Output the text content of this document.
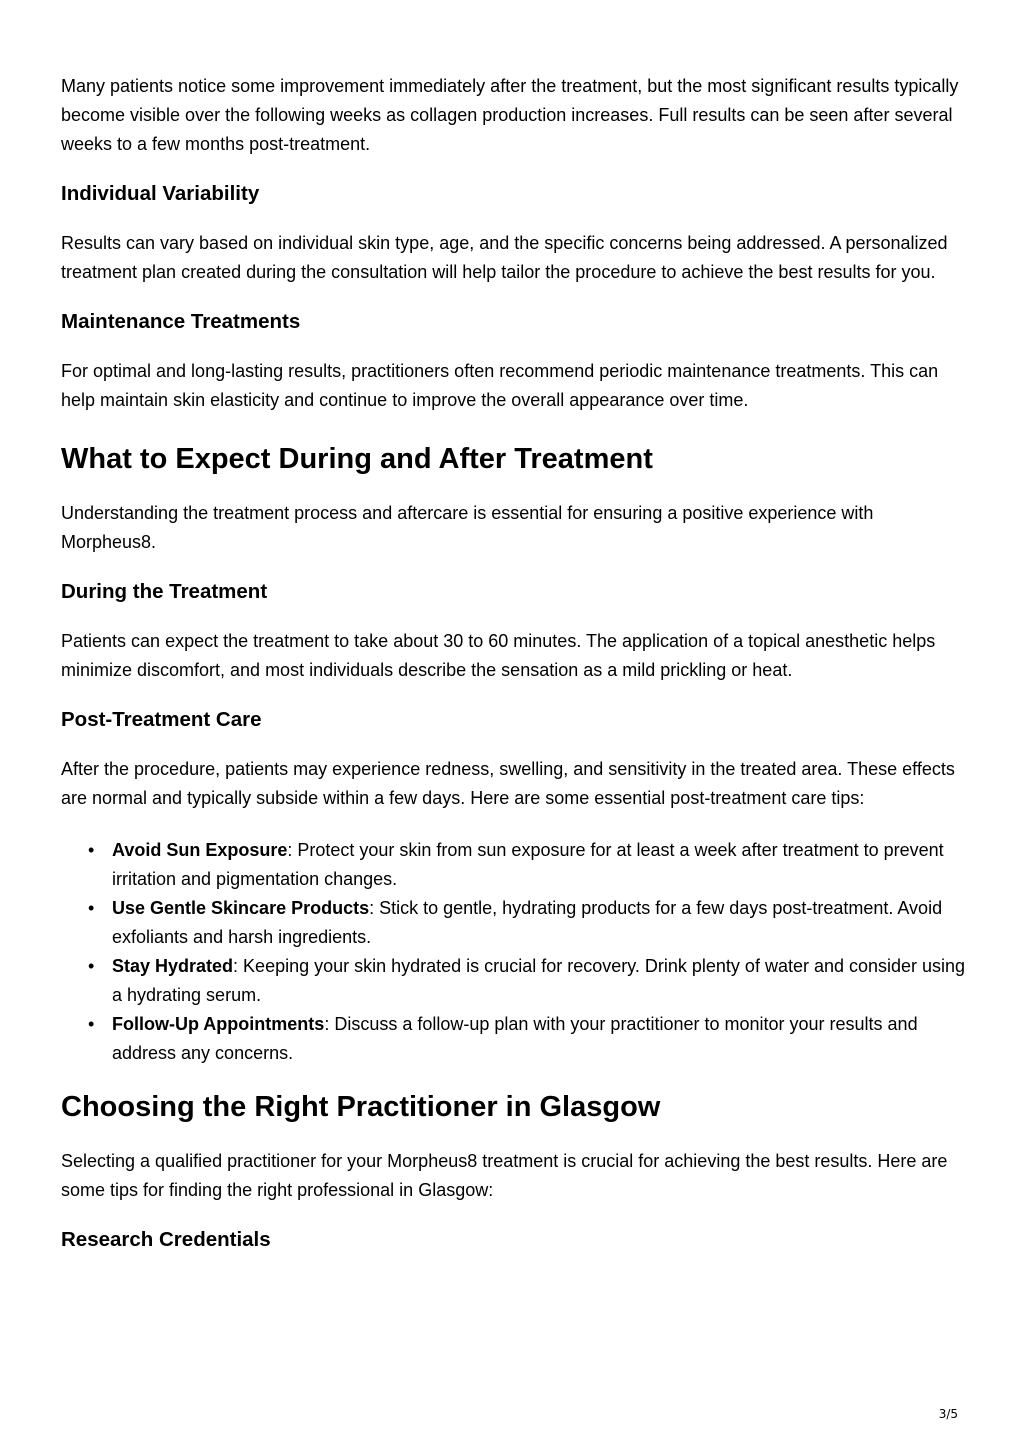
Many patients notice some improvement immediately after the treatment, but the most significant results typically become visible over the following weeks as collagen production increases. Full results can be seen after several weeks to a few months post-treatment.

Individual Variability

Results can vary based on individual skin type, age, and the specific concerns being addressed. A personalized treatment plan created during the consultation will help tailor the procedure to achieve the best results for you.

Maintenance Treatments

For optimal and long-lasting results, practitioners often recommend periodic maintenance treatments. This can help maintain skin elasticity and continue to improve the overall appearance over time.

What to Expect During and After Treatment

Understanding the treatment process and aftercare is essential for ensuring a positive experience with Morpheus8.

During the Treatment

Patients can expect the treatment to take about 30 to 60 minutes. The application of a topical anesthetic helps minimize discomfort, and most individuals describe the sensation as a mild prickling or heat.

Post-Treatment Care

After the procedure, patients may experience redness, swelling, and sensitivity in the treated area. These effects are normal and typically subside within a few days. Here are some essential post-treatment care tips:

• Avoid Sun Exposure: Protect your skin from sun exposure for at least a week after treatment to prevent irritation and pigmentation changes.
• Use Gentle Skincare Products: Stick to gentle, hydrating products for a few days post-treatment. Avoid exfoliants and harsh ingredients.
• Stay Hydrated: Keeping your skin hydrated is crucial for recovery. Drink plenty of water and consider using a hydrating serum.
• Follow-Up Appointments: Discuss a follow-up plan with your practitioner to monitor your results and address any concerns.
Choosing the Right Practitioner in Glasgow

Selecting a qualified practitioner for your Morpheus8 treatment is crucial for achieving the best results. Here are some tips for finding the right professional in Glasgow:

Research Credentials
3/5
